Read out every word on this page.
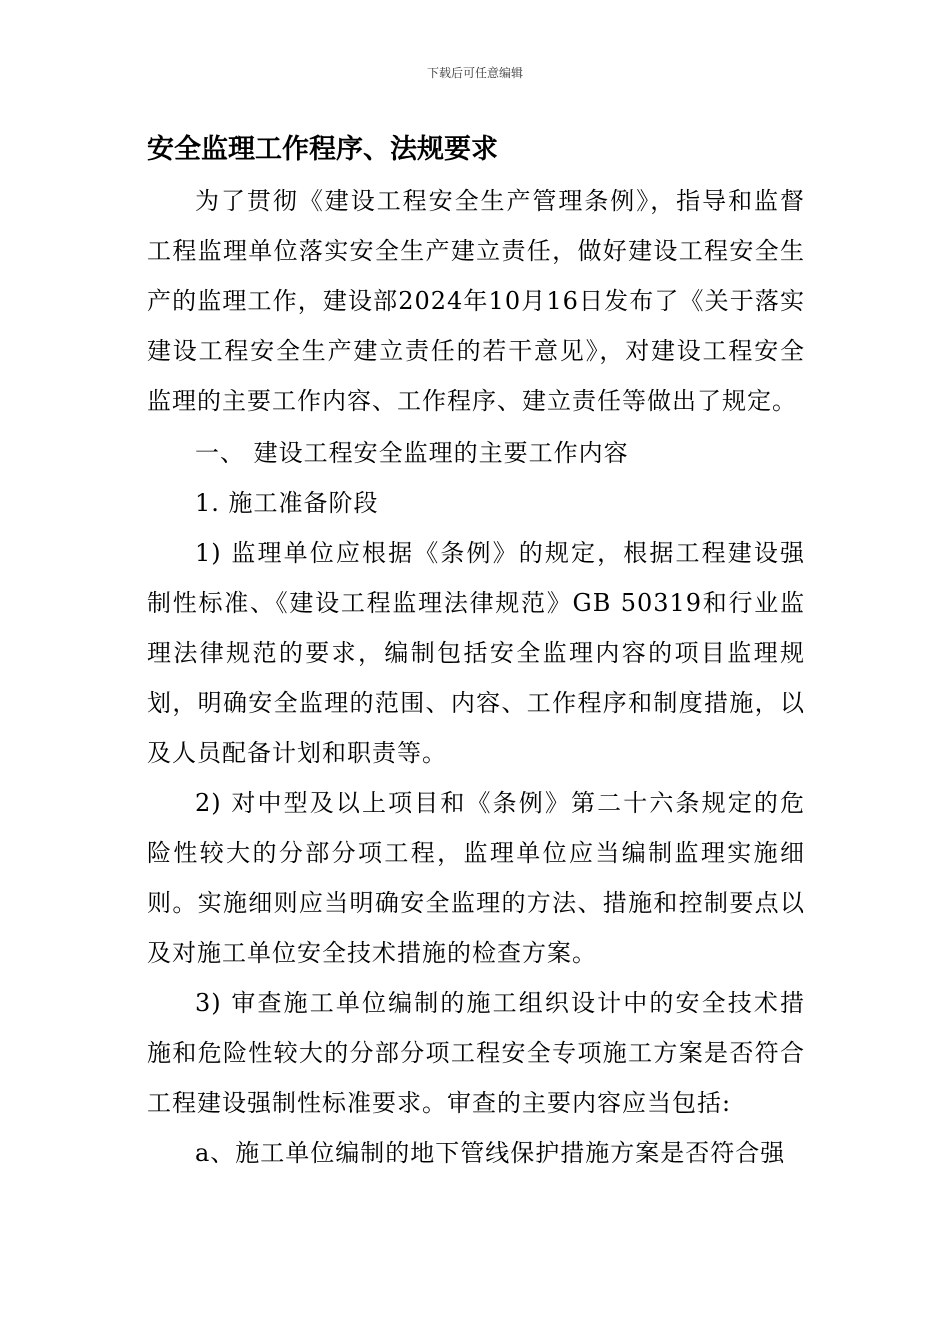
下载后可任意编辑
安全监理工作程序、法规要求

为了贯彻《建设工程安全生产管理条例》，指导和监督工程监理单位落实安全生产建立责任，做好建设工程安全生产的监理工作，建设部2024年10月16日发布了《关于落实建设工程安全生产建立责任的若干意见》，对建设工程安全监理的主要工作内容、工作程序、建立责任等做出了规定。

一、 建设工程安全监理的主要工作内容

1. 施工准备阶段

1) 监理单位应根据《条例》的规定，根据工程建设强制性标准、《建设工程监理法律规范》GB 50319和行业监理法律规范的要求，编制包括安全监理内容的项目监理规划，明确安全监理的范围、内容、工作程序和制度措施，以及人员配备计划和职责等。

2) 对中型及以上项目和《条例》第二十六条规定的危险性较大的分部分项工程，监理单位应当编制监理实施细则。实施细则应当明确安全监理的方法、措施和控制要点以及对施工单位安全技术措施的检查方案。

3) 审查施工单位编制的施工组织设计中的安全技术措施和危险性较大的分部分项工程安全专项施工方案是否符合工程建设强制性标准要求。审查的主要内容应当包括:

a、施工单位编制的地下管线保护措施方案是否符合强
